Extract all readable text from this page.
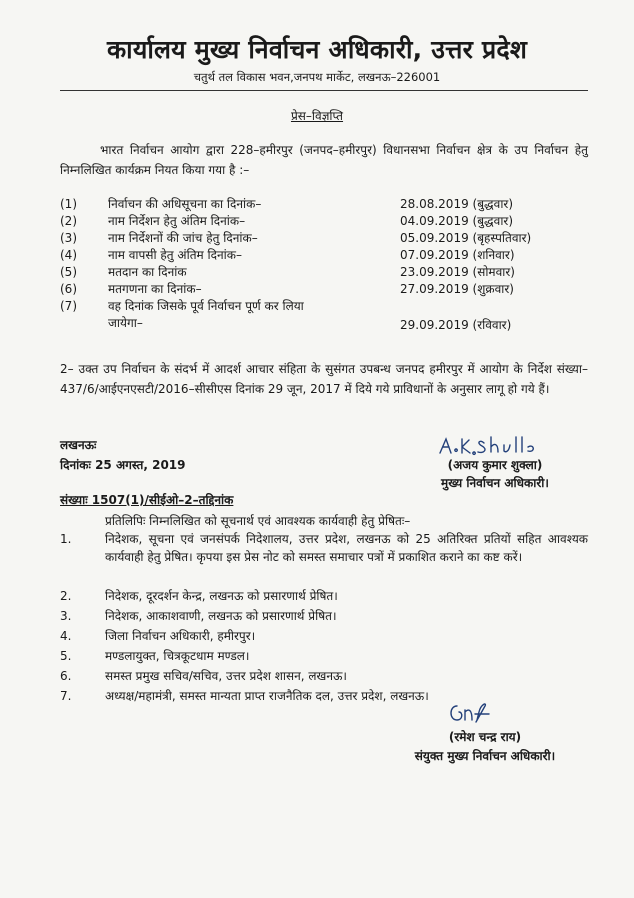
कार्यालय मुख्य निर्वाचन अधिकारी, उत्तर प्रदेश
चतुर्थ तल विकास भवन,जनपथ मार्केट, लखनऊ–226001
प्रेस–विज्ञप्ति
भारत निर्वाचन आयोग द्वारा 228–हमीरपुर (जनपद–हमीरपुर) विधानसभा निर्वाचन क्षेत्र के उप निर्वाचन हेतु निम्नलिखित कार्यक्रम नियत किया गया है :–
(1)	निर्वाचन की अधिसूचना का दिनांक–	28.08.2019 (बुद्धवार)
(2)	नाम निर्देशन हेतु अंतिम दिनांक–	04.09.2019 (बुद्धवार)
(3)	नाम निर्देशनों की जांच हेतु दिनांक–	05.09.2019 (बृहस्पतिवार)
(4)	नाम वापसी हेतु अंतिम दिनांक–	07.09.2019 (शनिवार)
(5)	मतदान का दिनांक	23.09.2019 (सोमवार)
(6)	मतगणना का दिनांक–	27.09.2019 (शुक्रवार)
(7)	वह दिनांक जिसके पूर्व निर्वाचन पूर्ण कर लिया जायेगा–	29.09.2019 (रविवार)
2– उक्त उप निर्वाचन के संदर्भ में आदर्श आचार संहिता के सुसंगत उपबन्ध जनपद हमीरपुर में आयोग के निर्देश संख्या–437/6/आईएनएसटी/2016–सीसीएस दिनांक 29 जून, 2017 में दिये गये प्राविधानों के अनुसार लागू हो गये हैं।
लखनऊः
दिनांकः 25 अगस्त, 2019	(अजय कुमार शुक्ला)
मुख्य निर्वाचन अधिकारी।
संख्याः 1507(1)/सीईओ–2–तद्दिनांक
प्रतिलिपिः निम्नलिखित को सूचनार्थ एवं आवश्यक कार्यवाही हेतु प्रेषितः–
1.	निदेशक, सूचना एवं जनसंपर्क निदेशालय, उत्तर प्रदेश, लखनऊ को 25 अतिरिक्त प्रतियों सहित आवश्यक कार्यवाही हेतु प्रेषित। कृपया इस प्रेस नोट को समस्त समाचार पत्रों में प्रकाशित कराने का कष्ट करें।
2.	निदेशक, दूरदर्शन केन्द्र, लखनऊ को प्रसारणार्थ प्रेषित।
3.	निदेशक, आकाशवाणी, लखनऊ को प्रसारणार्थ प्रेषित।
4.	जिला निर्वाचन अधिकारी, हमीरपुर।
5.	मण्डलायुक्त, चित्रकूटधाम मण्डल।
6.	समस्त प्रमुख सचिव/सचिव, उत्तर प्रदेश शासन, लखनऊ।
7.	अध्यक्ष/महामंत्री, समस्त मान्यता प्राप्त राजनैतिक दल, उत्तर प्रदेश, लखनऊ।
(रमेश चन्द्र राय)
संयुक्त मुख्य निर्वाचन अधिकारी।
